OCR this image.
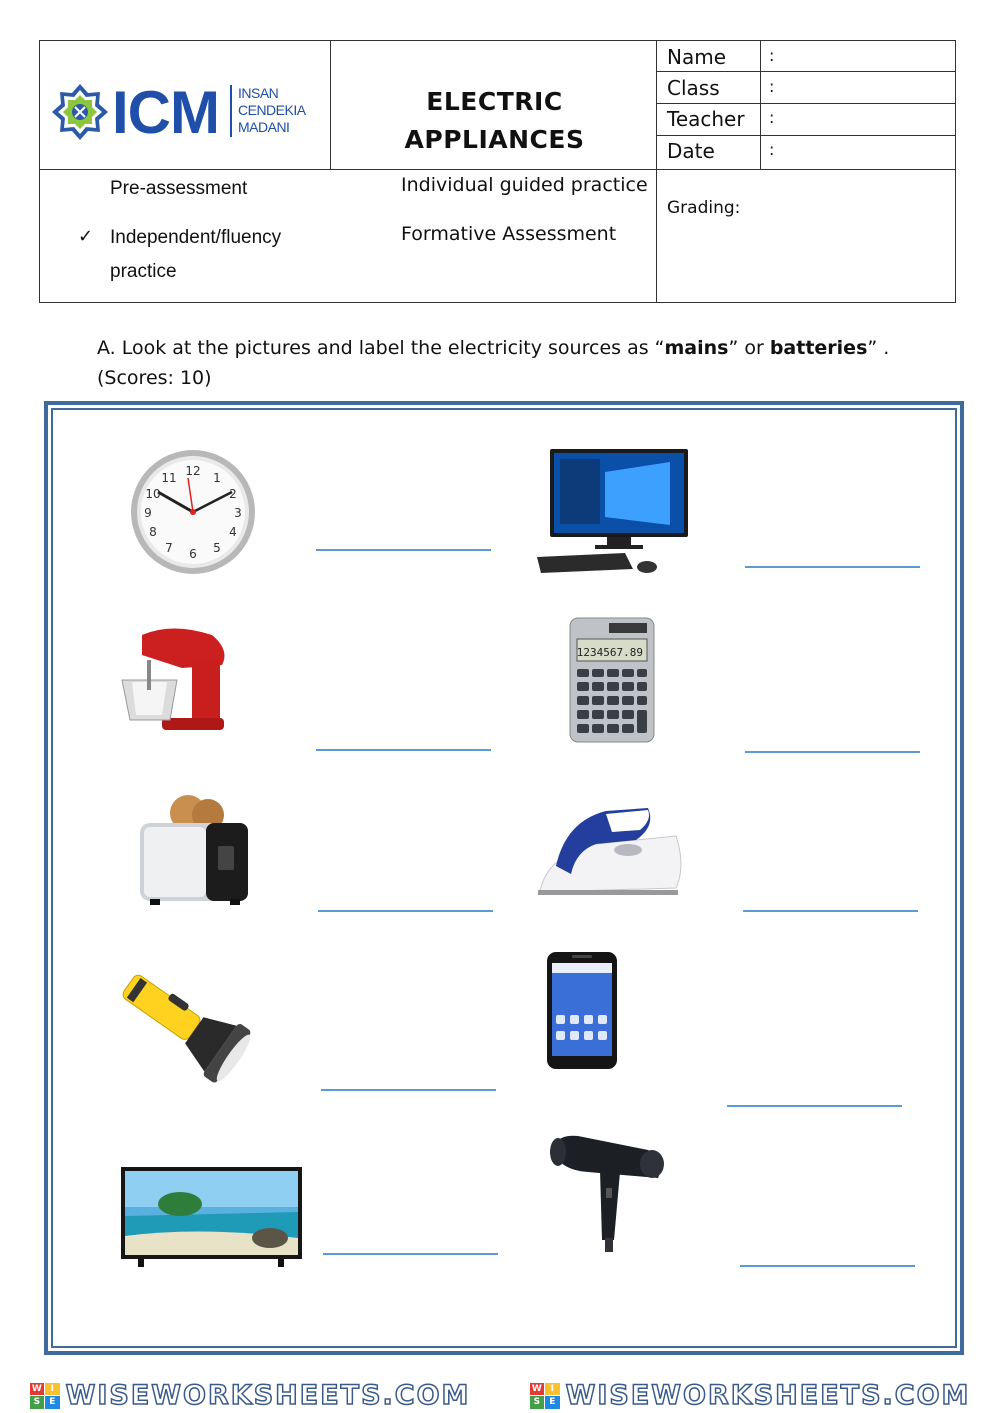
ICM INSAN
CENDEKIA
MADANI
ELECTRIC
APPLIANCES
Name	:
Class	:
Teacher :
Date	:
Pre-assessment
✓ Independent/fluency
practice
Individual guided practice
Formative Assessment
Grading:
A. Look at the pictures and label the electricity sources as “mains” or batteries” .
(Scores: 10)
12 1
2
3
4
5
6
7
8
9
10
11
1234567.89
W I
S	E WISEWORKSHEETS.COM	W I
S	E WISEWORKSHEETS.COM
